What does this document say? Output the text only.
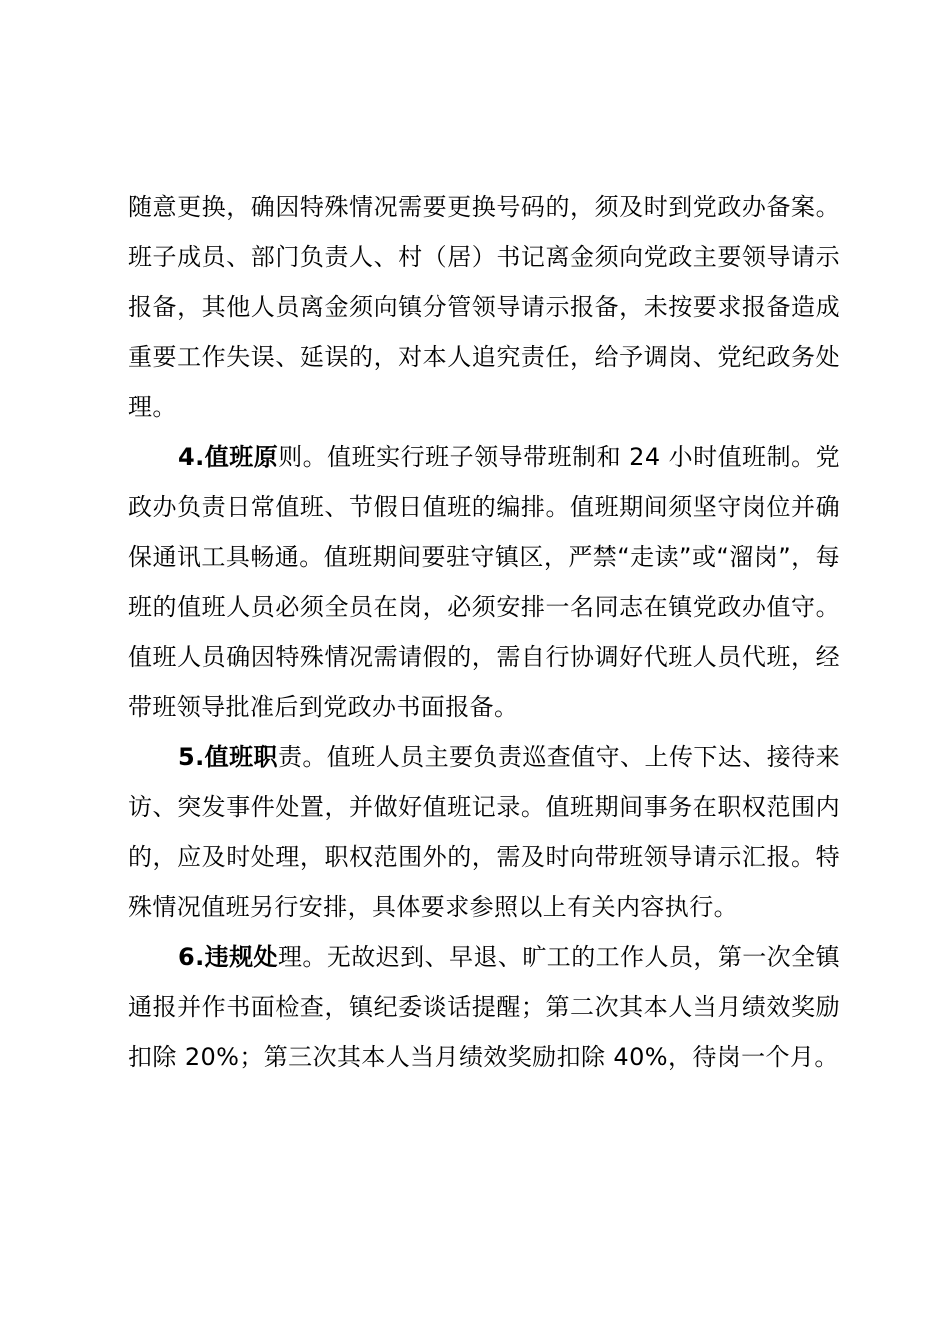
随意更换，确因特殊情况需要更换号码的，须及时到党政办备案。班子成员、部门负责人、村（居）书记离金须向党政主要领导请示报备，其他人员离金须向镇分管领导请示报备，未按要求报备造成重要工作失误、延误的，对本人追究责任，给予调岗、党纪政务处理。

4.值班原则。值班实行班子领导带班制和 24 小时值班制。党政办负责日常值班、节假日值班的编排。值班期间须坚守岗位并确保通讯工具畅通。值班期间要驻守镇区，严禁“走读”或“溜岗”，每班的值班人员必须全员在岗，必须安排一名同志在镇党政办值守。值班人员确因特殊情况需请假的，需自行协调好代班人员代班，经带班领导批准后到党政办书面报备。

5.值班职责。值班人员主要负责巡查值守、上传下达、接待来访、突发事件处置，并做好值班记录。值班期间事务在职权范围内的，应及时处理，职权范围外的，需及时向带班领导请示汇报。特殊情况值班另行安排，具体要求参照以上有关内容执行。

6.违规处理。无故迟到、早退、旷工的工作人员，第一次全镇通报并作书面检查，镇纪委谈话提醒；第二次其本人当月绩效奖励扣除 20%；第三次其本人当月绩效奖励扣除 40%，待岗一个月。
